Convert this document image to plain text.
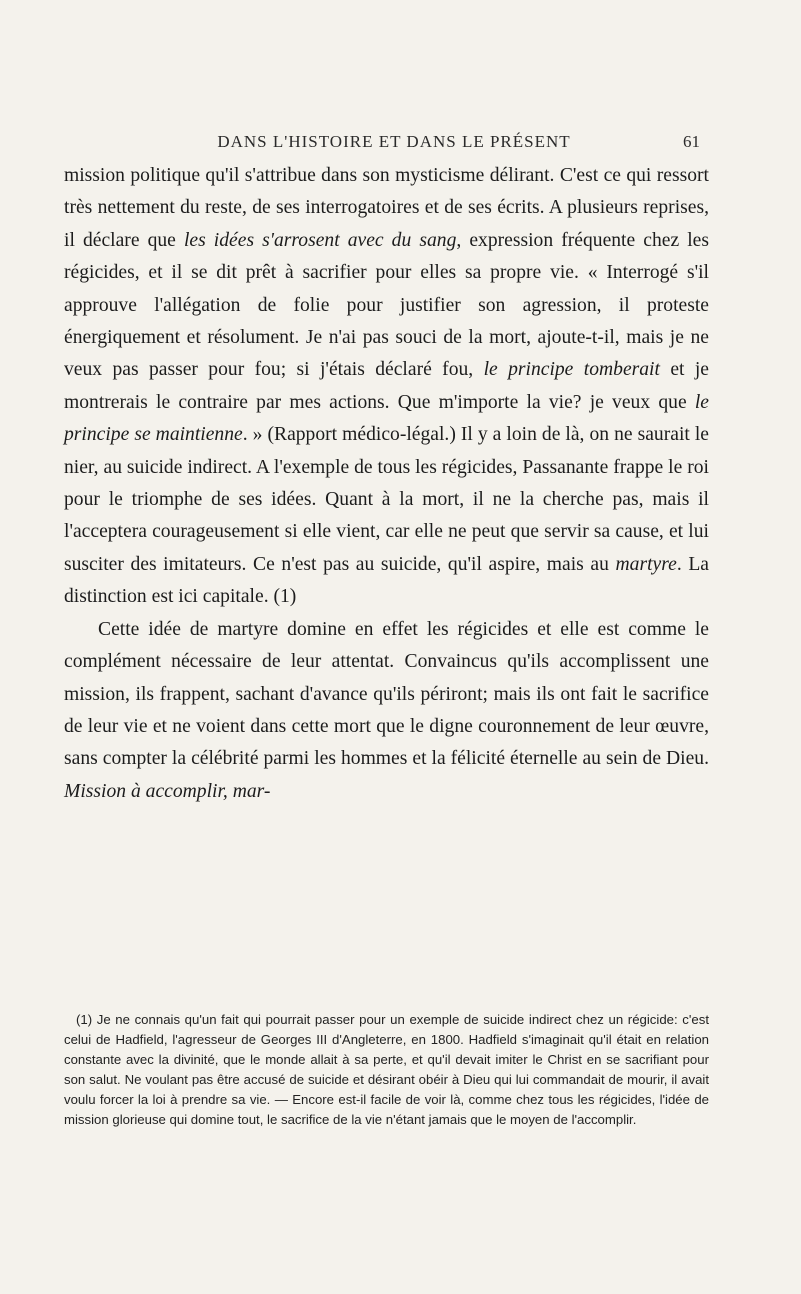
DANS L'HISTOIRE ET DANS LE PRÉSENT	61

mission politique qu'il s'attribue dans son mysticisme délirant. C'est ce qui ressort très nettement du reste, de ses interrogatoires et de ses écrits. A plusieurs reprises, il déclare que les idées s'arrosent avec du sang, expression fréquente chez les régicides, et il se dit prêt à sacrifier pour elles sa propre vie. « Interrogé s'il approuve l'allégation de folie pour justifier son agression, il proteste énergiquement et résolument. Je n'ai pas souci de la mort, ajoute-t-il, mais je ne veux pas passer pour fou; si j'étais déclaré fou, le principe tomberait et je montrerais le contraire par mes actions. Que m'importe la vie? je veux que le principe se maintienne. » (Rapport médico-légal.) Il y a loin de là, on ne saurait le nier, au suicide indirect. A l'exemple de tous les régicides, Passanante frappe le roi pour le triomphe de ses idées. Quant à la mort, il ne la cherche pas, mais il l'acceptera courageusement si elle vient, car elle ne peut que servir sa cause, et lui susciter des imitateurs. Ce n'est pas au suicide, qu'il aspire, mais au martyre. La distinction est ici capitale. (1)

Cette idée de martyre domine en effet les régicides et elle est comme le complément nécessaire de leur attentat. Convaincus qu'ils accomplissent une mission, ils frappent, sachant d'avance qu'ils périront; mais ils ont fait le sacrifice de leur vie et ne voient dans cette mort que le digne couronnement de leur œuvre, sans compter la célébrité parmi les hommes et la félicité éternelle au sein de Dieu. Mission à accomplir, mar-

(1) Je ne connais qu'un fait qui pourrait passer pour un exemple de suicide indirect chez un régicide: c'est celui de Hadfield, l'agresseur de Georges III d'Angleterre, en 1800. Hadfield s'imaginait qu'il était en relation constante avec la divinité, que le monde allait à sa perte, et qu'il devait imiter le Christ en se sacrifiant pour son salut. Ne voulant pas être accusé de suicide et désirant obéir à Dieu qui lui commandait de mourir, il avait voulu forcer la loi à prendre sa vie. — Encore est-il facile de voir là, comme chez tous les régicides, l'idée de mission glorieuse qui domine tout, le sacrifice de la vie n'étant jamais que le moyen de l'accomplir.
